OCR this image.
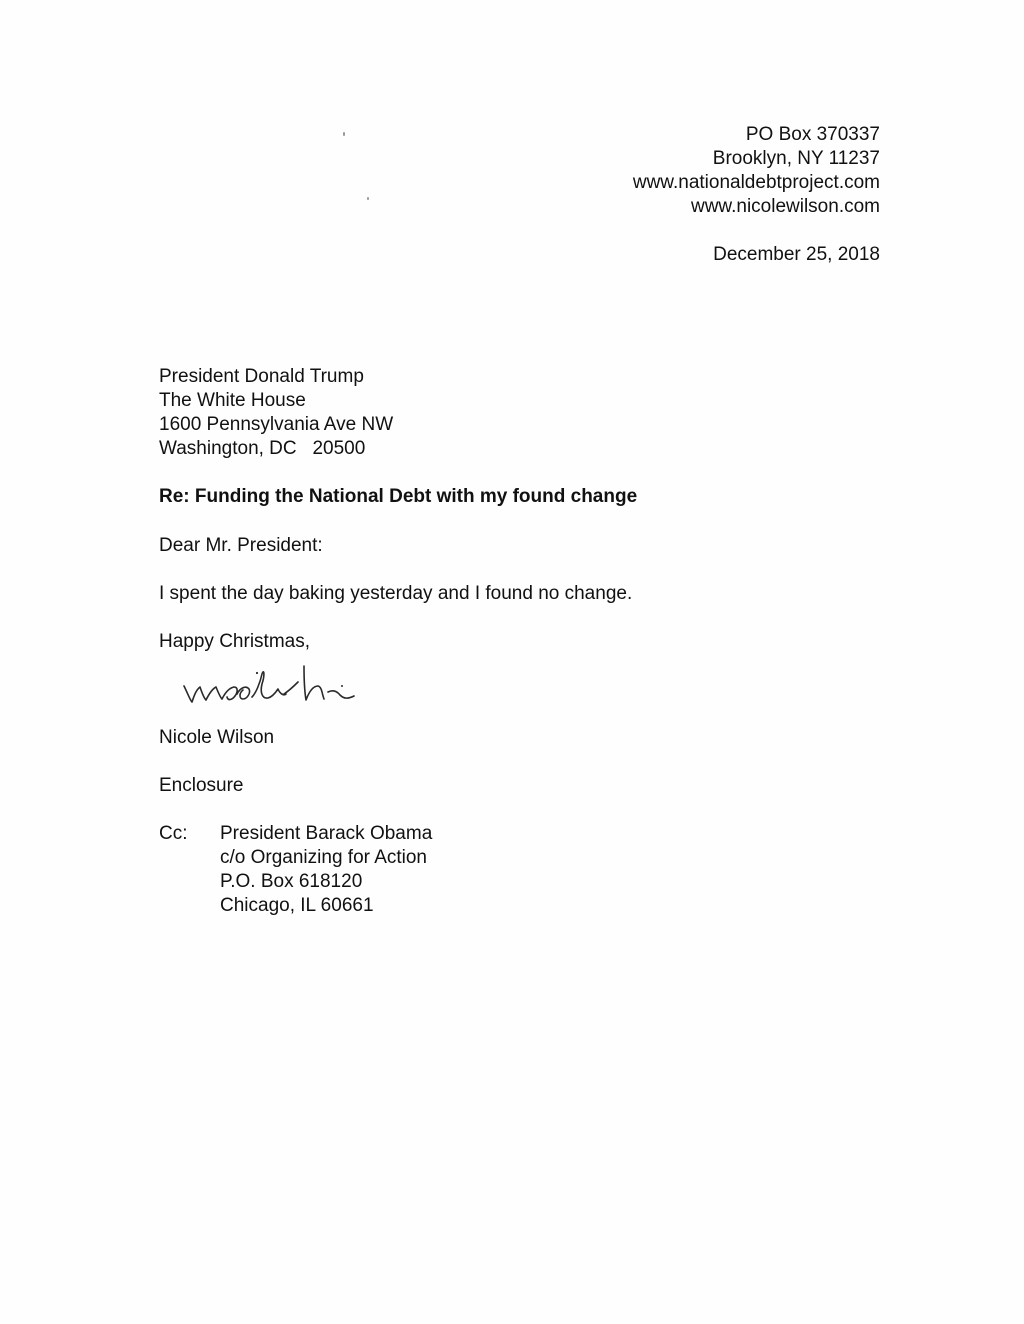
PO Box 370337
Brooklyn, NY 11237
www.nationaldebtproject.com
www.nicolewilson.com
December 25, 2018
President Donald Trump
The White House
1600 Pennsylvania Ave NW
Washington, DC   20500
Re: Funding the National Debt with my found change
Dear Mr. President:
I spent the day baking yesterday and I found no change.
Happy Christmas,
Nicole Wilson
Enclosure
Cc: President Barack Obama
c/o Organizing for Action
P.O. Box 618120
Chicago, IL 60661
